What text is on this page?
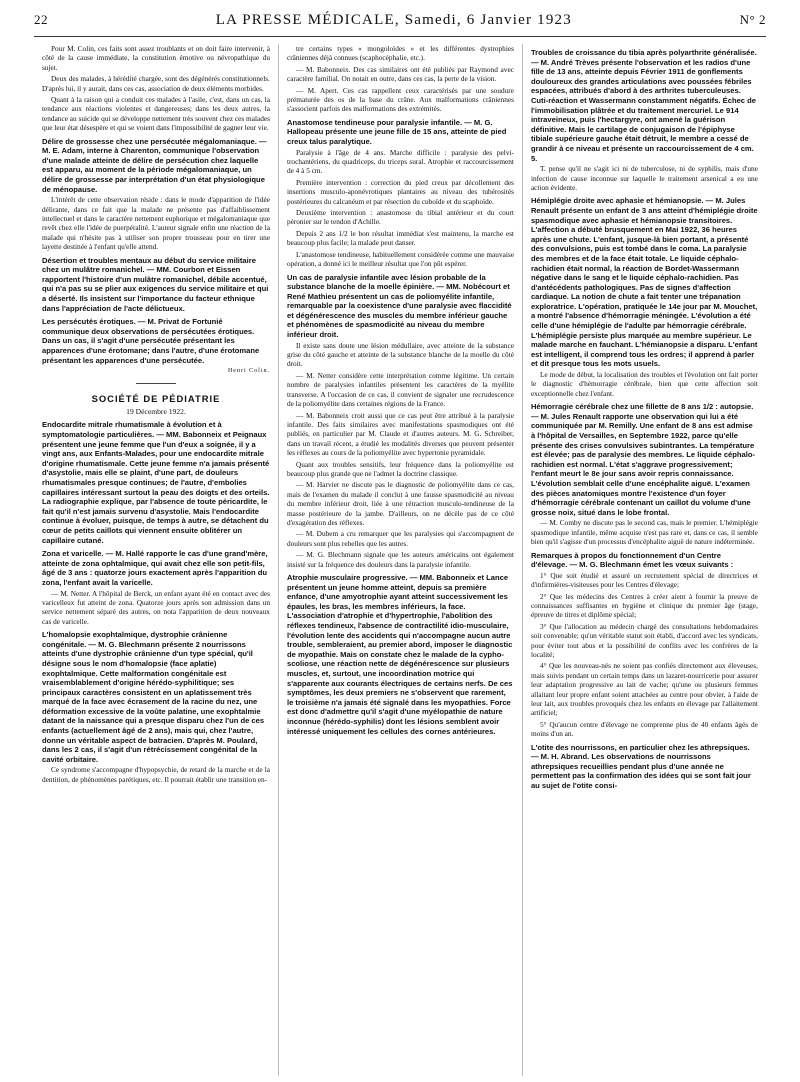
22	LA PRESSE MÉDICALE, Samedi, 6 Janvier 1923	N° 2

Pour M. Colin, ces faits sont assez troublants et on doit faire intervenir, à côté de la cause immédiate, la constitution émotive ou névropathique du sujet.

Deux des malades, à hérédité chargée, sont des dégénérés constitutionnels. D'après lui, il y aurait, dans ces cas, association de deux éléments morbides.

Quant à la raison qui a conduit ces malades à l'asile, c'est, dans un cas, la tendance aux réactions violentes et dangereuses; dans les deux autres, la tendance au suicide qui se développe nettement très souvent chez ces malades que leur état désespère et qui se voient dans l'impossibilité de gagner leur vie.

Délire de grossesse chez une persécutée mégalomaniaque. — M. E. Adam, interne à Charenton, communique l'observation d'une malade atteinte de délire de persécution chez laquelle est apparu, au moment de la période mégalomaniaque, un délire de grossesse par interprétation d'un état physiologique de ménopause.

L'intérêt de cette observation réside : dans le mode d'apparition de l'idée délirante, dans ce fait que la malade ne présente pas d'affaiblissement intellectuel et dans le caractère nettement euphorique et mégalomaniaque que revêt chez elle l'idée de puerpéralité. L'auteur signale enfin une réaction de la malade qui n'hésite pas à utiliser son propre trousseau pour en tirer une layette destinée à l'enfant qu'elle attend.

Désertion et troubles mentaux au début du service militaire chez un mulâtre romanichel. — MM. Courbon et Eissen rapportent l'histoire d'un mulâtre romanichel, débile accentué, qui n'a pas su se plier aux exigences du service militaire et qui a déserté. Ils insistent sur l'importance du facteur ethnique dans l'appréciation de l'acte délictueux.
Les persécutés érotiques. — M. Privat de Fortunié communique deux observations de persécutées érotiques. Dans un cas, il s'agit d'une persécutée présentant les apparences d'une érotomane; dans l'autre, d'une érotomane présentant les apparences d'une persécutée.
Henri Colin.
SOCIÉTÉ DE PÉDIATRIE
19 Décembre 1922.
Endocardite mitrale rhumatismale à évolution et à symptomatologie particulières. — MM. Babonneix et Peignaux présentent une jeune femme que l'un d'eux a soignée, il y a vingt ans, aux Enfants-Malades, pour une endocardite mitrale d'origine rhumatismale. Cette jeune femme n'a jamais présenté d'asystolie, mais elle se plaint, d'une part, de douleurs rhumatismales presque continues; de l'autre, d'embolies capillaires intéressant surtout la peau des doigts et des orteils. La radiographie explique, par l'absence de toute péricardite, le fait qu'il n'est jamais survenu d'asystolie. Mais l'endocardite continue à évoluer, puisque, de temps à autre, se détachent du cœur de petits caillots qui viennent ensuite oblitérer un capillaire cutané.
Zona et varicelle. — M. Hallé rapporte le cas d'une grand'mère, atteinte de zona ophtalmique, qui avait chez elle son petit-fils, âgé de 3 ans : quatorze jours exactement après l'apparition du zona, l'enfant avait la varicelle.

— M. Netter. A l'hôpital de Berck, un enfant ayant été en contact avec des varicelleux fut atteint de zona. Quatorze jours après son admission dans un service nettement séparé des autres, on nota l'apparition de deux nouveaux cas de varicelle.

L'homalopsie exophtalmique, dystrophie crânienne congénitale. — M. G. Blechmann présente 2 nourrissons atteints d'une dystrophie crânienne d'un type spécial, qu'il désigne sous le nom d'homalopsie (face aplatie) exophtalmique. Cette malformation congénitale est vraisemblablement d'origine hérédo-syphilitique; ses principaux caractères consistent en un aplatissement très marqué de la face avec écrasement de la racine du nez, une déformation excessive de la voûte palatine, une exophtalmie datant de la naissance qui a presque disparu chez l'un de ces enfants (actuellement âgé de 2 ans), mais qui, chez l'autre, donne un véritable aspect de batracien. D'après M. Poulard, dans les 2 cas, il s'agit d'un rétrécissement congénital de la cavité orbitaire.

Ce syndrome s'accompagne d'hypopsychie, de retard de la marche et de la dentition, de phénomènes parétiques, etc. Il pourrait établir une transition en-

tre certains types « mongoloïdes » et les différentes dystrophies crâniennes déjà connues (scaphocéphalie, etc.).

— M. Babonneix. Des cas similaires ont été publiés par Raymond avec caractère familial. On notait en outre, dans ces cas, la perte de la vision.

— M. Apert. Ces cas rappellent ceux caractérisés par une soudure prématurée des os de la base du crâne. Aux malformations crâniennes s'associent parfois des malformations des extrémités.

Anastomose tendineuse pour paralysie infantile. — M. G. Hallopeau présente une jeune fille de 15 ans, atteinte de pied creux talus paralytique.

Paralysie à l'âge de 4 ans. Marche difficile : paralysie des pelvi-trochantériens, du quadriceps, du triceps sural. Atrophie et raccourcissement de 4 à 5 cm.

Première intervention : correction du pied creux par décollement des insertions musculo-aponévrotiques plantaires au niveau des tubérosités postérieures du calcanéum et par résection du cuboïde et du scaphoïde.

Deuxième intervention : anastomose du tibial antérieur et du court péronier sur le tendon d'Achille.

Depuis 2 ans 1/2 le bon résultat immédiat s'est maintenu, la marche est beaucoup plus facile; la malade peut danser.

L'anastomose tendineuse, habituellement considérée comme une mauvaise opération, a donné ici le meilleur résultat que l'on pût espérer.

Un cas de paralysie infantile avec lésion probable de la substance blanche de la moelle épinière. — MM. Nobécourt et René Mathieu présentent un cas de poliomyélite infantile, remarquable par la coexistence d'une paralysie avec flaccidité et dégénérescence des muscles du membre inférieur gauche et phénomènes de spasmodicité au niveau du membre inférieur droit.

Il existe sans doute une lésion médullaire, avec atteinte de la substance grise du côté gauche et atteinte de la substance blanche de la moelle du côté droit.

— M. Netter considère cette interprétation comme légitime. Un certain nombre de paralysies infantiles présentent les caractères de la myélite transverse. A l'occasion de ce cas, il convient de signaler une recrudescence de la poliomyélite dans certaines régions de la France.

— M. Babonneix croit aussi que ce cas peut être attribué à la paralysie infantile. Des faits similaires avec manifestations spasmodiques ont été publiés, en particulier par M. Claude et d'autres auteurs. M. G. Schreiber, dans un travail récent, a étudié les modalités diverses que peuvent présenter les réflexes au cours de la poliomyélite avec hypertonie pyramidale.

Quant aux troubles sensitifs, leur fréquence dans la poliomyélite est beaucoup plus grande que ne l'admet la doctrine classique.

— M. Harvier ne discute pas le diagnostic de poliomyélite dans ce cas, mais de l'examen du malade il conclut à une fausse spasmodicité au niveau du membre inférieur droit, liée à une rétraction musculo-tendineuse de la masse postérieure de la jambe. D'ailleurs, on ne décèle pas de ce côté d'exagération des réflexes.

— M. Dubem a cru remarquer que les paralysies qui s'accompagnent de douleurs sont plus rebelles que les autres.

— M. G. Blechmann signale que les auteurs américains ont également insisté sur la fréquence des douleurs dans la paralysie infantile.

Atrophie musculaire progressive. — MM. Babonneix et Lance présentent un jeune homme atteint, depuis sa première enfance, d'une amyotrophie ayant atteint successivement les épaules, les bras, les membres inférieurs, la face. L'association d'atrophie et d'hypertrophie, l'abolition des réflexes tendineux, l'absence de contractilité idio-musculaire, l'évolution lente des accidents qui n'accompagne aucun autre trouble, sembleraient, au premier abord, imposer le diagnostic de myopathie. Mais on constate chez le malade de la cypho-scoliose, une réaction nette de dégénérescence sur plusieurs muscles, et, surtout, une incoordination motrice qui s'apparente aux courants électriques de certains nerfs. De ces symptômes, les deux premiers ne s'observent que rarement, le troisième n'a jamais été signalé dans les myopathies. Force est donc d'admettre qu'il s'agit d'une myélopathie de nature inconnue (hérédo-syphilis) dont les lésions semblent avoir intéressé uniquement les cellules des cornes antérieures.
Troubles de croissance du tibia après polyarthrite généralisée. — M. André Trèves présente l'observation et les radios d'une fille de 13 ans, atteinte depuis Février 1911 de gonflements douloureux des grandes articulations avec poussées fébriles espacées, attribués d'abord à des arthrites tuberculeuses. Cuti-réaction et Wassermann constamment négatifs. Échec de l'immobilisation plâtrée et du traitement mercuriel. Le 914 intraveineux, puis l'hectargyre, ont amené la guérison définitive. Mais le cartilage de conjugaison de l'épiphyse tibiale supérieure gauche était détruit, le membre a cessé de grandir à ce niveau et présente un raccourcissement de 4 cm. 5.

T. pense qu'il ne s'agit ici ni de tuberculose, ni de syphilis, mais d'une infection de cause inconnue sur laquelle le traitement arsenical a eu une action évidente.

Hémiplégie droite avec aphasie et hémianopsie. — M. Jules Renault présente un enfant de 3 ans atteint d'hémiplégie droite spasmodique avec aphasie et hémianopsie transitoires. L'affection a débuté brusquement en Mai 1922, 36 heures après une chute. L'enfant, jusque-là bien portant, a présenté des convulsions, puis est tombé dans le coma. La paralysie des membres et de la face était totale. Le liquide céphalo-rachidien était normal, la réaction de Bordet-Wassermann négative dans le sang et le liquide céphalo-rachidien. Pas d'antécédents pathologiques. Pas de signes d'affection cardiaque. La notion de chute a fait tenter une trépanation exploratrice. L'opération, pratiquée le 14e jour par M. Mouchet, a montré l'absence d'hémorragie méningée. L'évolution a été celle d'une hémiplégie de l'adulte par hémorragie cérébrale. L'hémiplégie persiste plus marquée au membre supérieur. Le malade marche en fauchant. L'hémianopsie a disparu. L'enfant est intelligent, il comprend tous les ordres; il apprend à parler et dit presque tous les mots usuels.

Le mode de début, la localisation des troubles et l'évolution ont fait porter le diagnostic d'hémorragie cérébrale, bien que cette affection soit exceptionnelle chez l'enfant.

Hémorragie cérébrale chez une fillette de 8 ans 1/2 : autopsie. — M. Jules Renault rapporte une observation qui lui a été communiquée par M. Remilly. Une enfant de 8 ans est admise à l'hôpital de Versailles, en Septembre 1922, parce qu'elle présente des crises convulsives subintrantes. La température est élevée; pas de paralysie des membres. Le liquide céphalo-rachidien est normal. L'état s'aggrave progressivement; l'enfant meurt le 8e jour sans avoir repris connaissance. L'évolution semblait celle d'une encéphalite aiguë. L'examen des pièces anatomiques montre l'existence d'un foyer d'hémorragie cérébrale contenant un caillot du volume d'une grosse noix, situé dans le lobe frontal.

— M. Comby ne discute pas le second cas, mais le premier. L'hémiplégie spasmodique infantile, même acquise n'est pas rare et, dans ce cas, il semble bien qu'il s'agisse d'un processus d'encéphalite aiguë de nature indéterminée.

Remarques à propos du fonctionnement d'un Centre d'élevage. — M. G. Blechmann émet les vœux suivants :

1° Que soit étudié et assuré un recrutement spécial de directrices et d'infirmières-visiteuses pour les Centres d'élevage;

2° Que les médecins des Centres à créer aient à fournir la preuve de connaissances suffisantes en hygiène et clinique du premier âge (stage, épreuve de titres et diplôme spécial;

3° Que l'allocation au médecin chargé des consultations hebdomadaires soit convenable; qu'un véritable statut soit établi, d'accord avec les syndicats, pour éviter tout abus et la possibilité de conflits avec les confrères de la localité;

4° Que les nouveau-nés ne soient pas confiés directement aux éleveuses, mais suivis pendant un certain temps dans un lazaret-nourricerie pour assurer leur adaptation progressive au lait de vache; qu'une ou plusieurs femmes allaitant leur propre enfant soient attachées au centre pour obvier, à l'aide de leur lait, aux troubles provoqués chez les enfants en élevage par l'allaitement artificiel;

5° Qu'aucun centre d'élevage ne comprenne plus de 40 enfants âgés de moins d'un an.

L'otite des nourrissons, en particulier chez les athrepsiques. — M. H. Abrand. Les observations de nourrissons athrepsiques recueillies pendant plus d'une année ne permettent pas la confirmation des idées qui se sont fait jour au sujet de l'otite consi-
